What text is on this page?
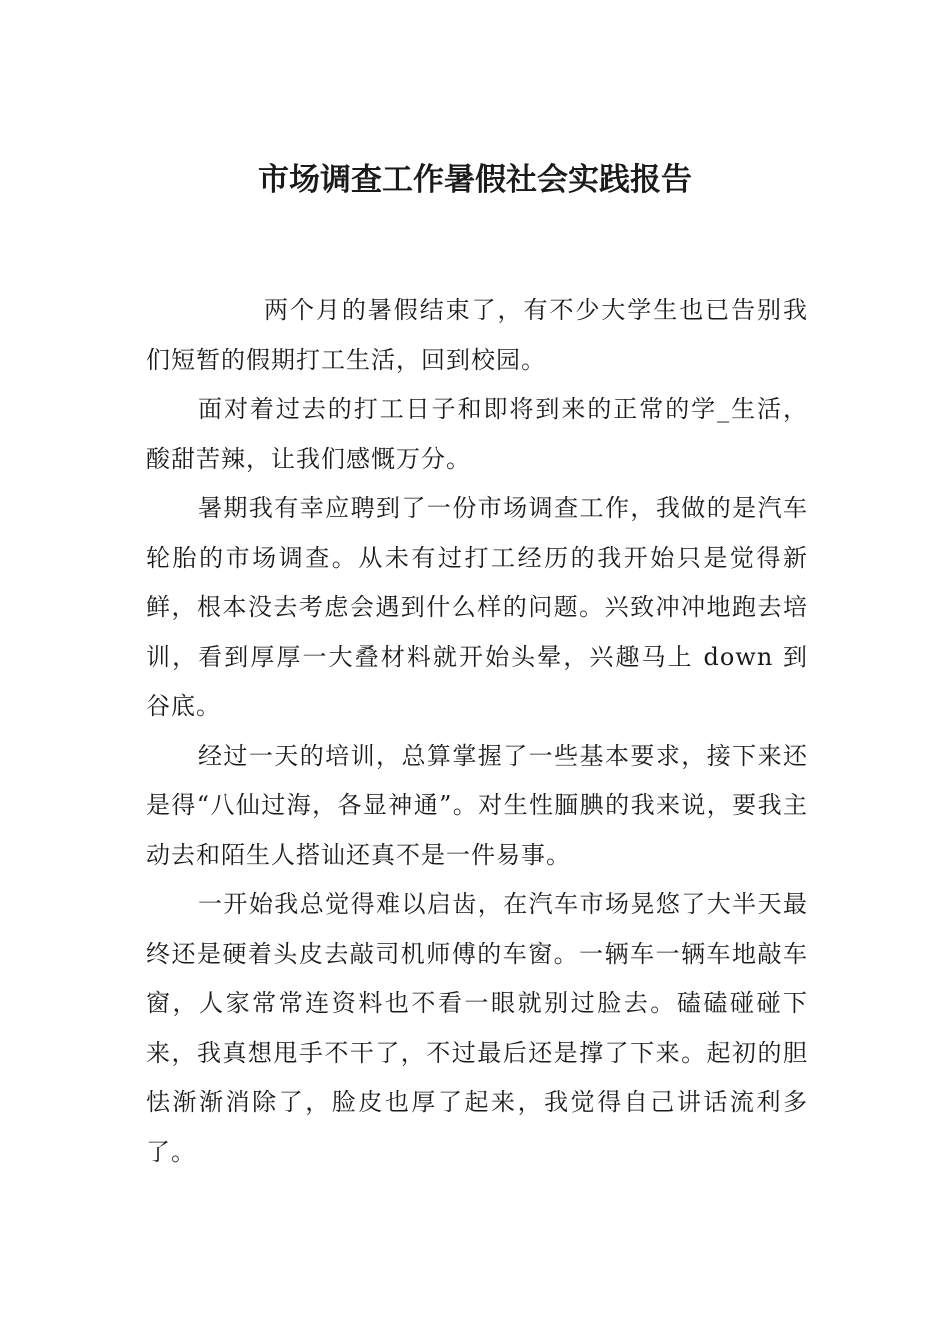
市场调查工作暑假社会实践报告

两个月的暑假结束了，有不少大学生也已告别我们短暂的假期打工生活，回到校园。

面对着过去的打工日子和即将到来的正常的学_生活，酸甜苦辣，让我们感慨万分。

暑期我有幸应聘到了一份市场调查工作，我做的是汽车轮胎的市场调查。从未有过打工经历的我开始只是觉得新鲜，根本没去考虑会遇到什么样的问题。兴致冲冲地跑去培训，看到厚厚一大叠材料就开始头晕，兴趣马上 down 到谷底。

经过一天的培训，总算掌握了一些基本要求，接下来还是得“八仙过海，各显神通”。对生性腼腆的我来说，要我主动去和陌生人搭讪还真不是一件易事。

一开始我总觉得难以启齿，在汽车市场晃悠了大半天最终还是硬着头皮去敲司机师傅的车窗。一辆车一辆车地敲车窗，人家常常连资料也不看一眼就别过脸去。磕磕碰碰下来，我真想甩手不干了，不过最后还是撑了下来。起初的胆怯渐渐消除了，脸皮也厚了起来，我觉得自己讲话流利多了。
